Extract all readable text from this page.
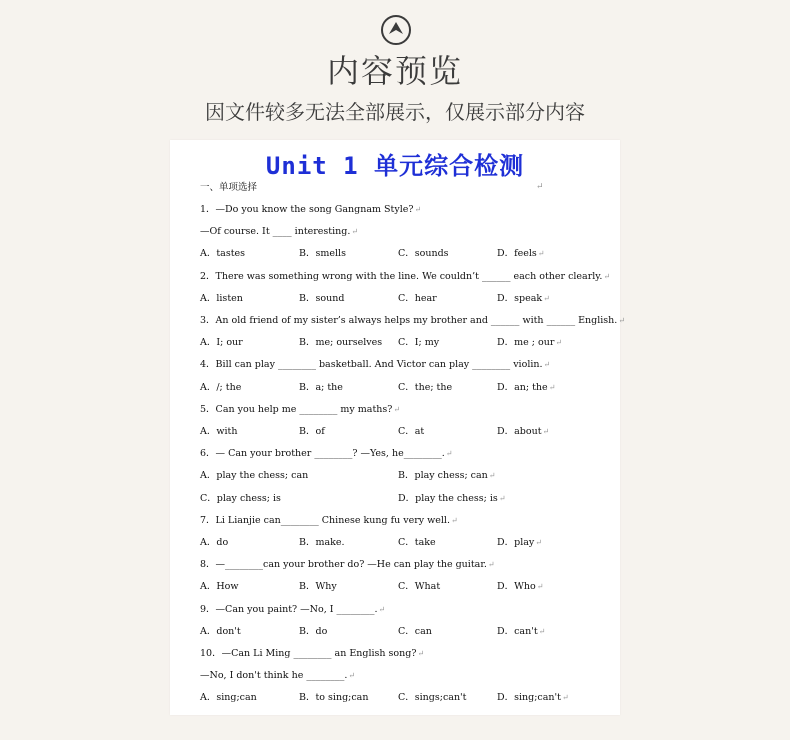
内容预览
因文件较多无法全部展示，仅展示部分内容
Unit 1 单元综合检测
一、单项选择	↵
1．—Do you know the song Gangnam Style?↵
—Of course. It ____ interesting.↵
A．tastes	B．smells	C．sounds	D．feels↵
2．There was something wrong with the line. We couldn’t ______ each other clearly.↵
A．listen	B．sound	C．hear	D．speak↵
3．An old friend of my sister’s always helps my brother and ______ with ______ English.↵
A．I; our	B．me; ourselves C．I; my	D．me ; our↵
4．Bill can play ________ basketball. And Victor can play ________ violin.↵
A．/; the	B．a; the	C．the; the	D．an; the↵
5．Can you help me ________ my maths?↵
A．with	B．of	C．at	D．about↵
6．— Can your brother ________? —Yes, he________.↵
A．play the chess; can	B．play chess; can↵
C．play chess; is	D．play the chess; is↵
7．Li Lianjie can________ Chinese kung fu very well.↵
A．do	B．make.	C．take	D．play↵
8．—________can your brother do? —He can play the guitar.↵
A．How	B．Why	C．What	D．Who↵
9．—Can you paint? —No, I ________.↵
A．don't	B．do	C．can	D．can't↵
10．—Can Li Ming ________ an English song?↵
—No, I don't think he ________.↵
A．sing;can	B．to sing;can	C．sings;can't	D．sing;can't↵
